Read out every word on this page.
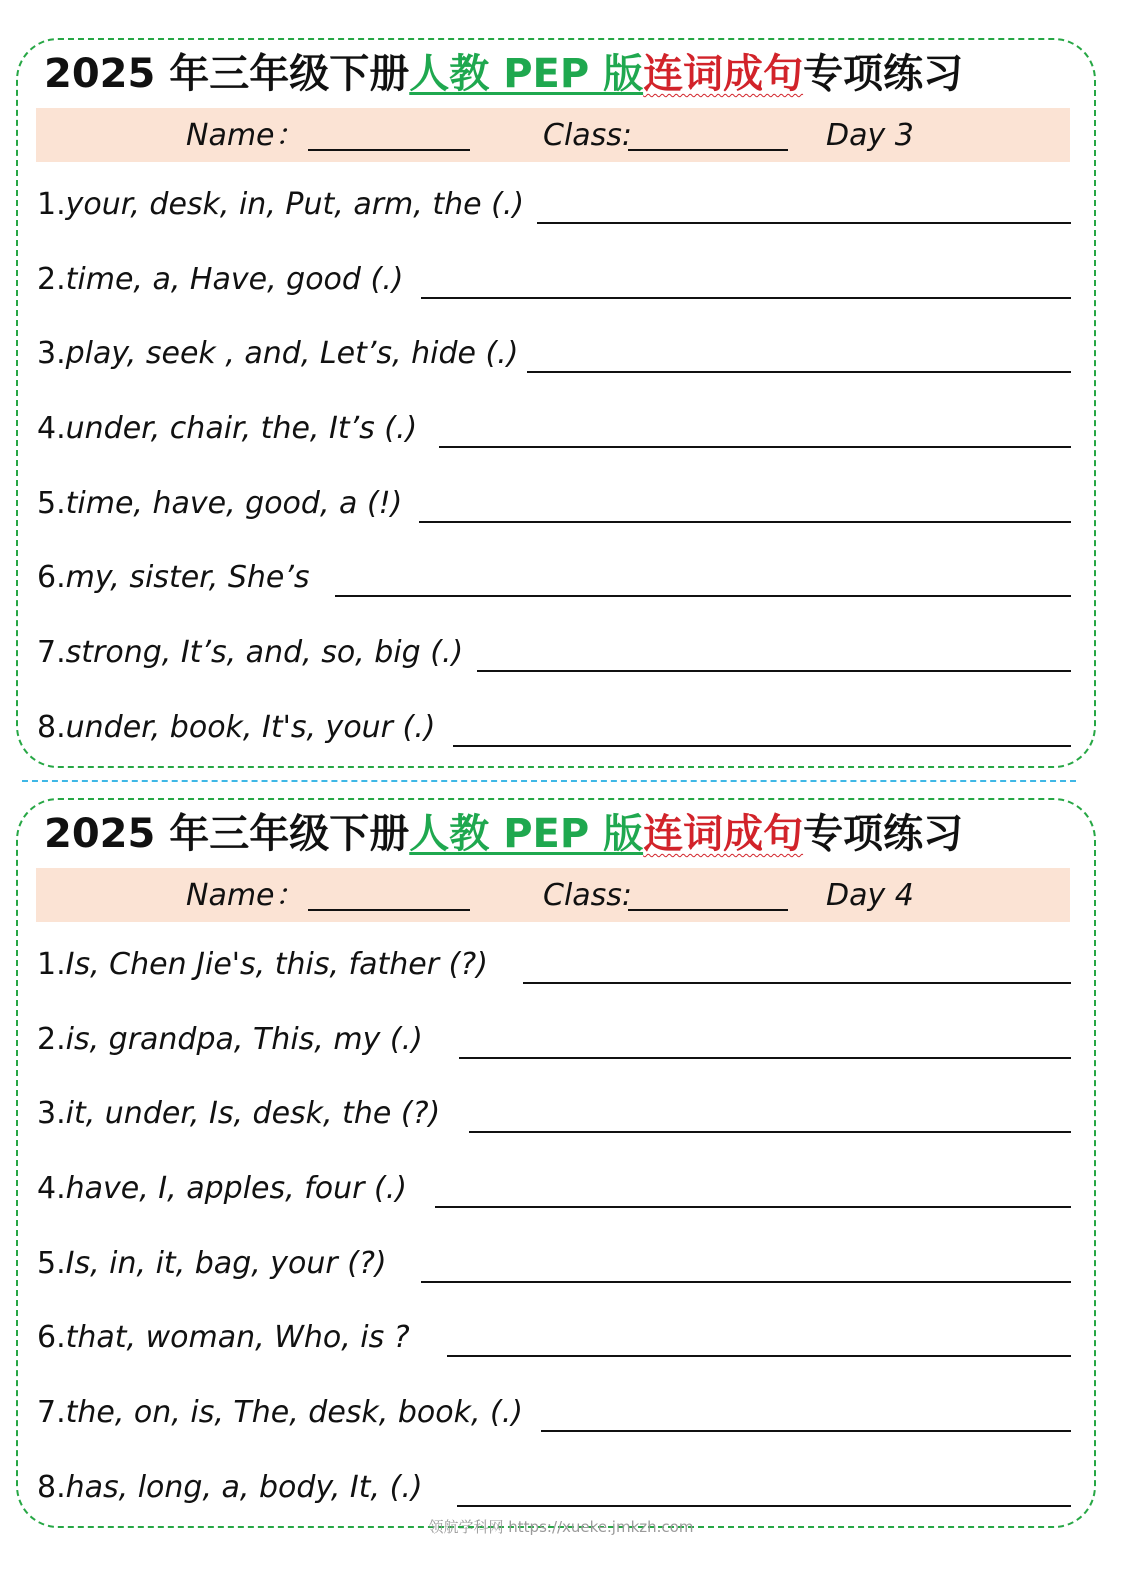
2025 年三年级下册人教 PEP 版连词成句专项练习
Name：	Class:	Day 3
1.your, desk, in, Put, arm, the (.)
2.time, a, Have, good (.)
3.play, seek , and, Let’s, hide (.)
4.under, chair, the, It’s (.)
5.time, have, good, a (!)
6.my, sister, She’s
7.strong, It’s, and, so, big (.)
8.under, book, It's, your (.)
2025 年三年级下册人教 PEP 版连词成句专项练习
Name：	Class:	Day 4
1.Is, Chen Jie's, this, father (?)
2.is, grandpa, This, my (.)
3.it, under, Is, desk, the (?)
4.have, I, apples, four (.)
5.Is, in, it, bag, your (?)
6.that, woman, Who, is ?
7.the, on, is, The, desk, book, (.)
8.has, long, a, body, It, (.)
领航学科网 https://xueke.jmkzh.com
